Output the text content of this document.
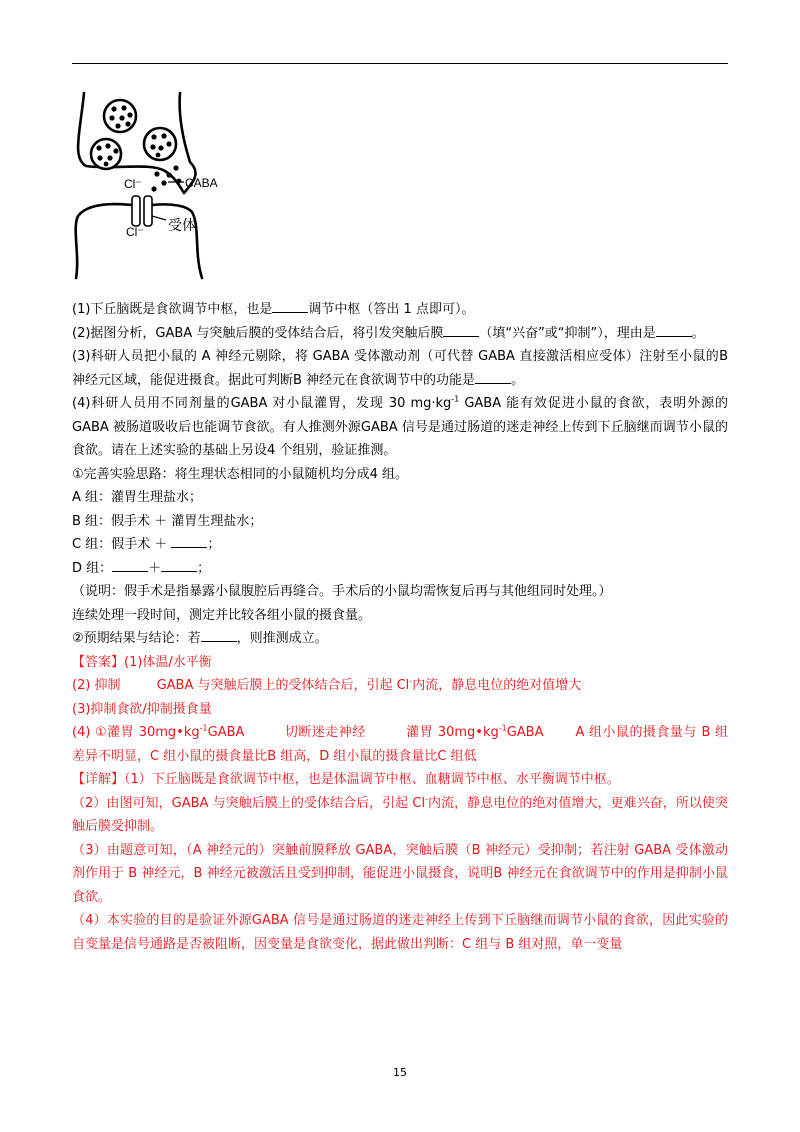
Cl⁻	CABA
Cl⁻ 受体

(1)下丘脑既是食欲调节中枢，也是	调节中枢（答出 1 点即可）。

(2)据图分析，GABA 与突触后膜的受体结合后，将引发突触后膜	（填“兴奋”或“抑制”），理由是	。

(3)科研人员把小鼠的 A 神经元剔除，将 GABA 受体激动剂（可代替 GABA 直接激活相应受体）注射至小鼠的B 神经元区域，能促进摄食。据此可判断B 神经元在食欲调节中的功能是	。

(4)科研人员用不同剂量的GABA 对小鼠灌胃，发现 30 $mg\cdot kg^{-1}$ GABA 能有效促进小鼠的食欲，表明外源的GABA 被肠道吸收后也能调节食欲。有人推测外源GABA 信号是通过肠道的迷走神经上传到下丘脑继而调节小鼠的食欲。请在上述实验的基础上另设4 个组别，验证推测。

①完善实验思路：将生理状态相同的小鼠随机均分成4 组。

A 组：灌胃生理盐水；

B 组：假手术 ＋ 灌胃生理盐水；

C 组：假手术 ＋	；

D 组：	＋	；

（说明：假手术是指暴露小鼠腹腔后再缝合。手术后的小鼠均需恢复后再与其他组同时处理。）

连续处理一段时间，测定并比较各组小鼠的摄食量。

②预期结果与结论：若	，则推测成立。

【答案】(1)体温/水平衡

(2) 抑制	GABA 与突触后膜上的受体结合后，引起 Cl-内流，静息电位的绝对值增大

(3)抑制食欲/抑制摄食量

(4) ①灌胃 $30mg•kg^{-1}GABA$	切断迷走神经	灌胃 $30mg•kg^{-1}GABA$ A 组小鼠的摄食量与 B 组差异不明显，C 组小鼠的摄食量比B 组高，D 组小鼠的摄食量比C 组低

【详解】（1）下丘脑既是食欲调节中枢，也是体温调节中枢、血糖调节中枢、水平衡调节中枢。

（2）由图可知，GABA 与突触后膜上的受体结合后，引起 Cl-内流，静息电位的绝对值增大，更难兴奋，所以使突触后膜受抑制。

（3）由题意可知，（A 神经元的）突触前膜释放 GABA，突触后膜（B 神经元）受抑制；若注射 GABA 受体激动剂作用于 B 神经元，B 神经元被激活且受到抑制，能促进小鼠摄食，说明B 神经元在食欲调节中的作用是抑制小鼠食欲。

（4）本实验的目的是验证外源GABA 信号是通过肠道的迷走神经上传到下丘脑继而调节小鼠的食欲，因此实验的自变量是信号通路是否被阻断，因变量是食欲变化，据此做出判断：C 组与 B 组对照，单一变量

15
